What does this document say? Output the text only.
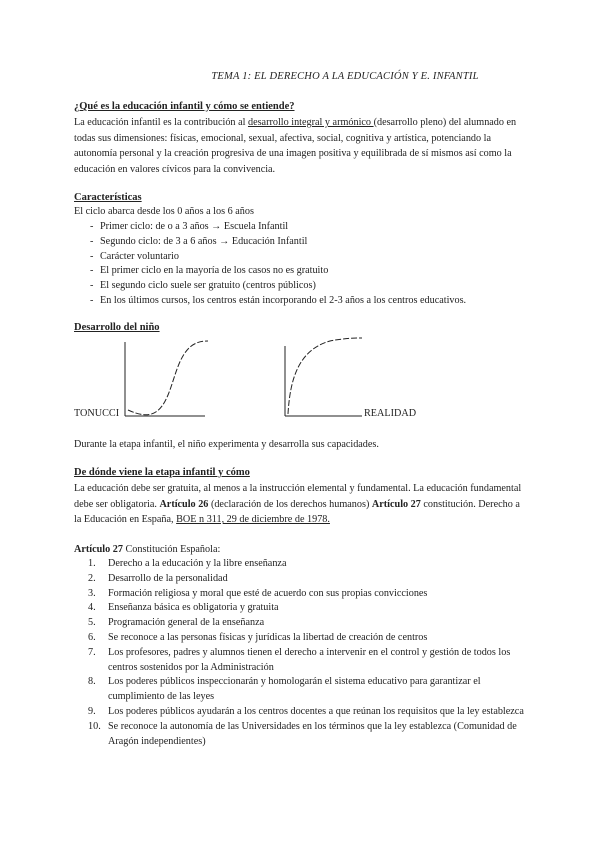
TEMA 1: EL DERECHO A LA EDUCACIÓN Y E. INFANTIL
¿Qué es la educación infantil y cómo se entiende?
La educación infantil es la contribución al desarrollo integral y armónico (desarrollo pleno) del alumnado en todas sus dimensiones: físicas, emocional, sexual, afectiva, social, cognitiva y artística, potenciando la autonomía personal y la creación progresiva de una imagen positiva y equilibrada de sí mismos así como la educación en valores cívicos para la convivencia.
Características
El ciclo abarca desde los 0 años a los 6 años
- Primer ciclo: de o a 3 años → Escuela Infantil
- Segundo ciclo: de 3 a 6 años → Educación Infantil
- Carácter voluntario
- El primer ciclo en la mayoría de los casos no es gratuito
- El segundo ciclo suele ser gratuito (centros públicos)
- En los últimos cursos, los centros están incorporando el 2-3 años a los centros educativos.
Desarrollo del niño
TONUCCI	REALIDAD
Durante la etapa infantil, el niño experimenta y desarrolla sus capacidades.
De dónde viene la etapa infantil y cómo
La educación debe ser gratuita, al menos a la instrucción elemental y fundamental. La educación fundamental debe ser obligatoria. Artículo 26 (declaración de los derechos humanos) Artículo 27 constitución. Derecho a la Educación en España, BOE n 311, 29 de diciembre de 1978.
Artículo 27 Constitución Española:
1. Derecho a la educación y la libre enseñanza
2. Desarrollo de la personalidad
3. Formación religiosa y moral que esté de acuerdo con sus propias convicciones
4. Enseñanza básica es obligatoria y gratuita
5. Programación general de la enseñanza
6. Se reconoce a las personas físicas y jurídicas la libertad de creación de centros
7. Los profesores, padres y alumnos tienen el derecho a intervenir en el control y gestión de todos los centros sostenidos por la Administración
8. Los poderes públicos inspeccionarán y homologarán el sistema educativo para garantizar el cumplimiento de las leyes
9. Los poderes públicos ayudarán a los centros docentes a que reúnan los requisitos que la ley establezca
10. Se reconoce la autonomía de las Universidades en los términos que la ley establezca (Comunidad de Aragón independientes)
